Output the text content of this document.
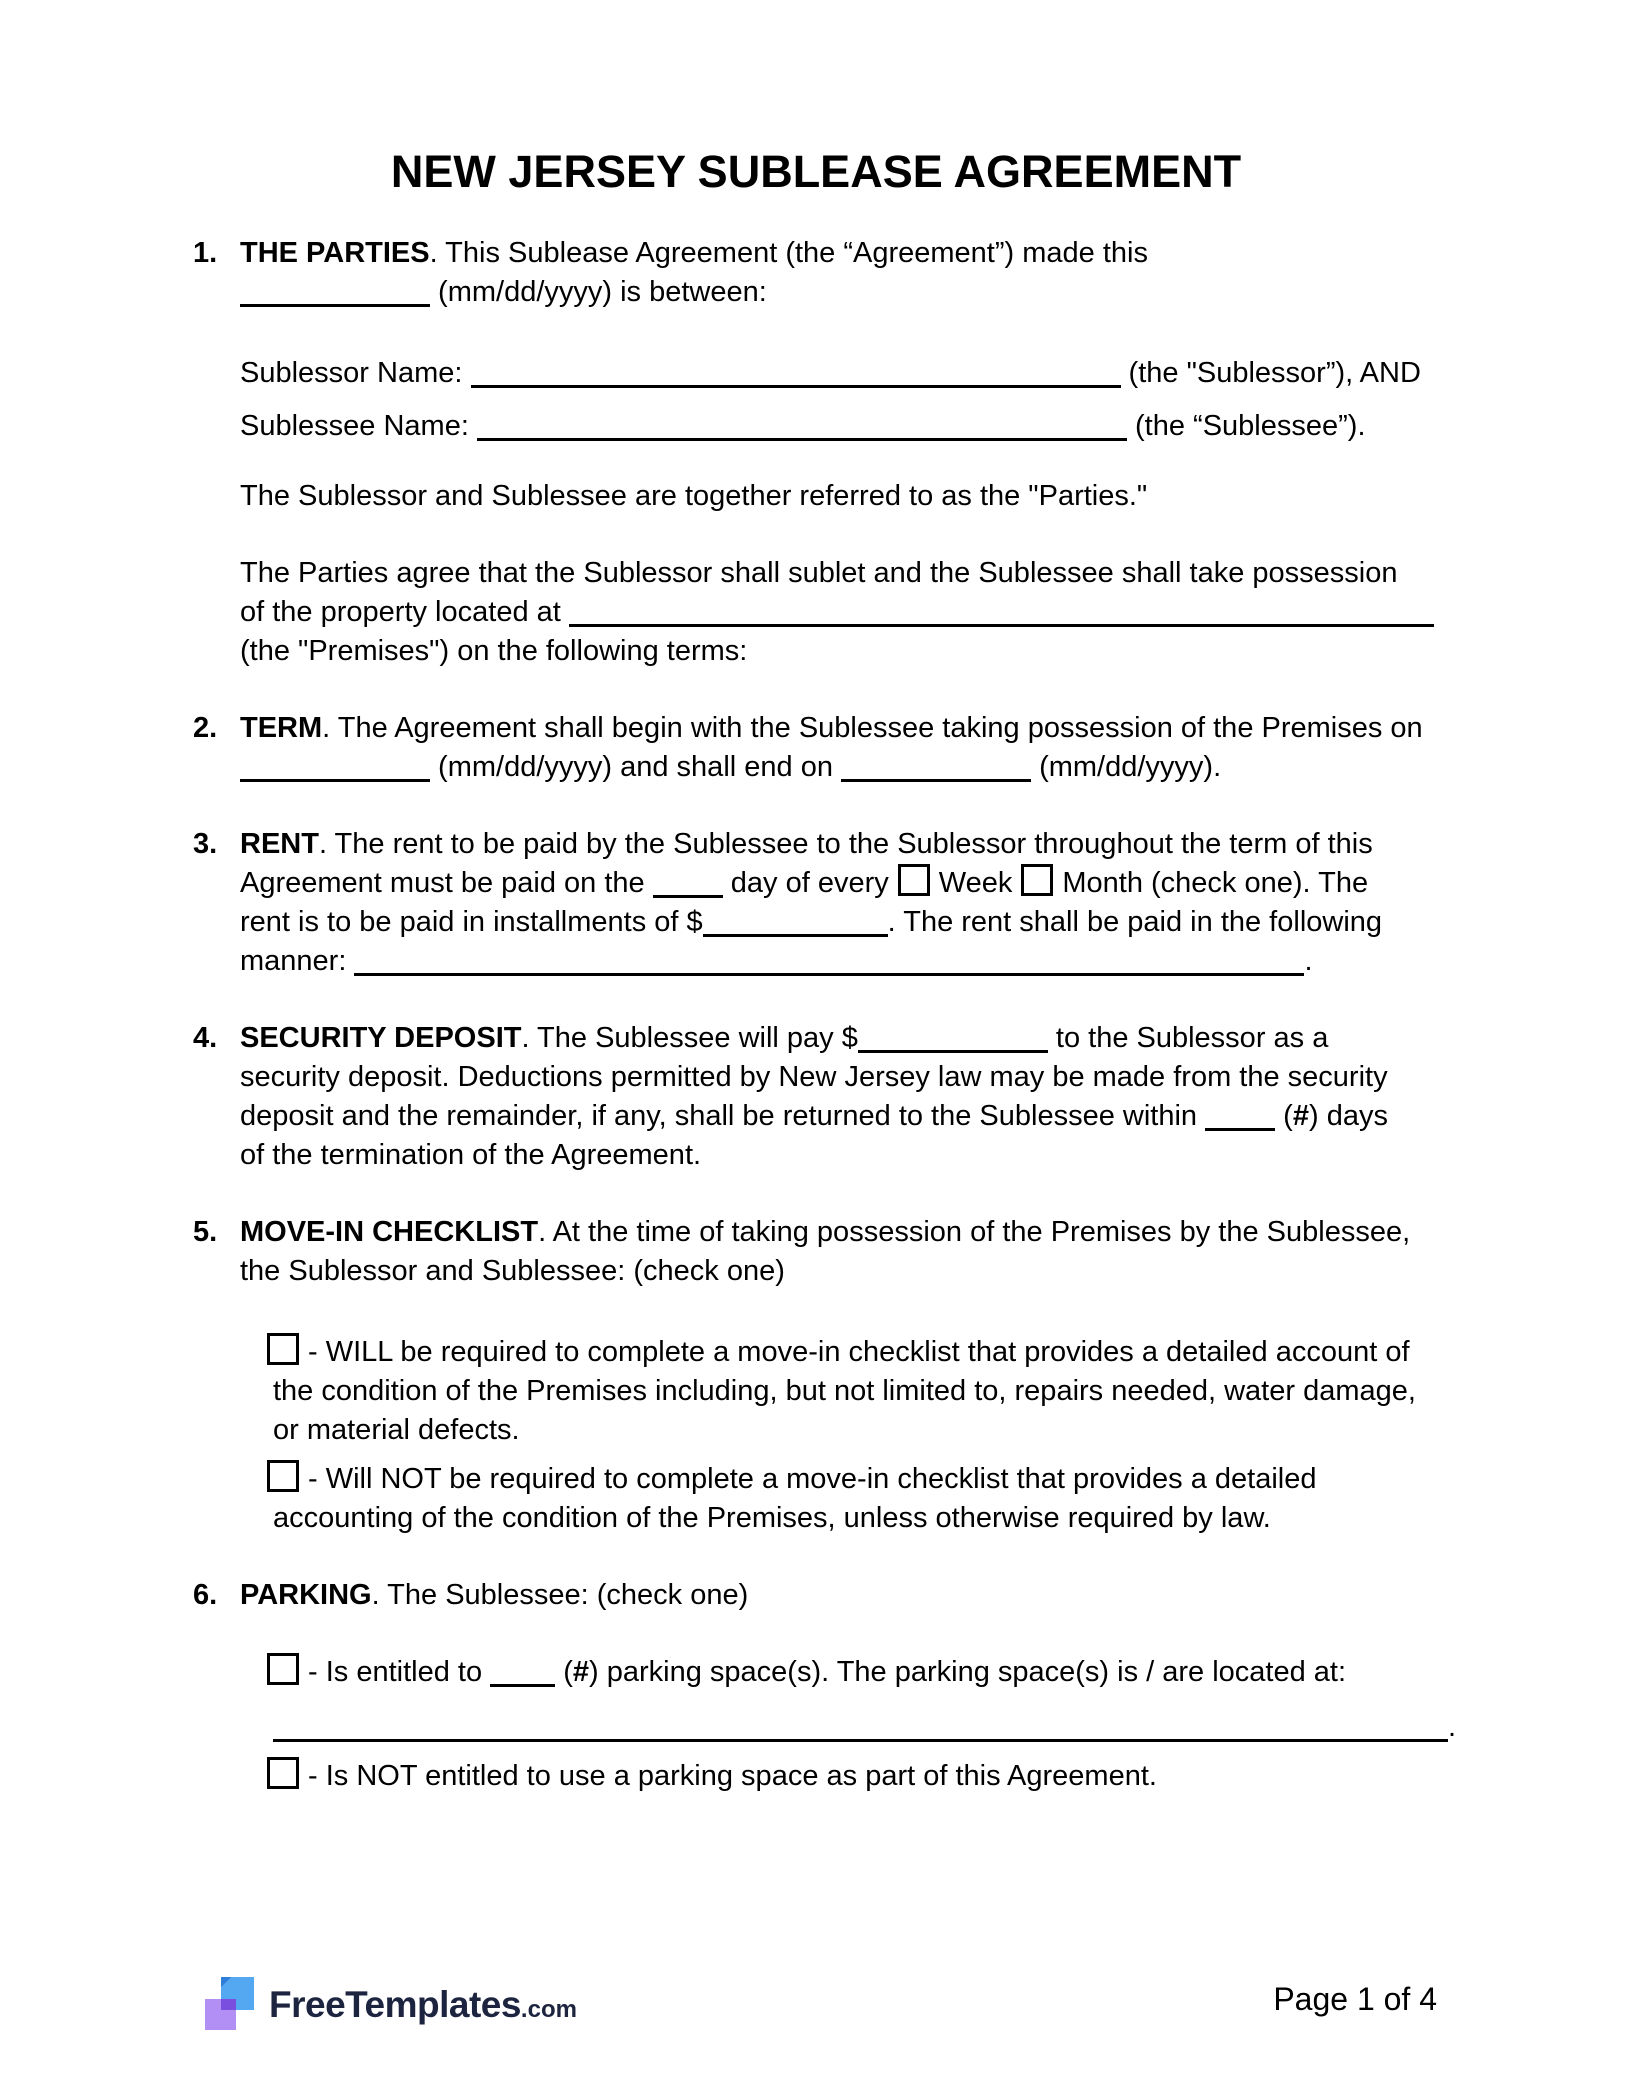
NEW JERSEY SUBLEASE AGREEMENT
1. THE PARTIES. This Sublease Agreement (the “Agreement”) made this
(mm/dd/yyyy) is between:
Sublessor Name:	(the "Sublessor”), AND
Sublessee Name:	(the “Sublessee”).
The Sublessor and Sublessee are together referred to as the "Parties."
The Parties agree that the Sublessor shall sublet and the Sublessee shall take possession
of the property located at
(the "Premises") on the following terms:
2. TERM. The Agreement shall begin with the Sublessee taking possession of the Premises on
(mm/dd/yyyy) and shall end on	(mm/dd/yyyy).
3. RENT. The rent to be paid by the Sublessee to the Sublessor throughout the term of this
Agreement must be paid on the  day of every Week Month (check one). The
rent is to be paid in installments of $	. The rent shall be paid in the following
manner:	.
4. SECURITY DEPOSIT. The Sublessee will pay $	to the Sublessor as a
security deposit. Deductions permitted by New Jersey law may be made from the security
deposit and the remainder, if any, shall be returned to the Sublessee within  (#) days
of the termination of the Agreement.
5. MOVE-IN CHECKLIST. At the time of taking possession of the Premises by the Sublessee,
the Sublessor and Sublessee: (check one)
- WILL be required to complete a move-in checklist that provides a detailed account of
the condition of the Premises including, but not limited to, repairs needed, water damage,
or material defects.
- Will NOT be required to complete a move-in checklist that provides a detailed
accounting of the condition of the Premises, unless otherwise required by law.
6. PARKING. The Sublessee: (check one)
- Is entitled to  (#) parking space(s). The parking space(s) is / are located at:
.
- Is NOT entitled to use a parking space as part of this Agreement.
FreeTemplates.com	Page 1 of 4
